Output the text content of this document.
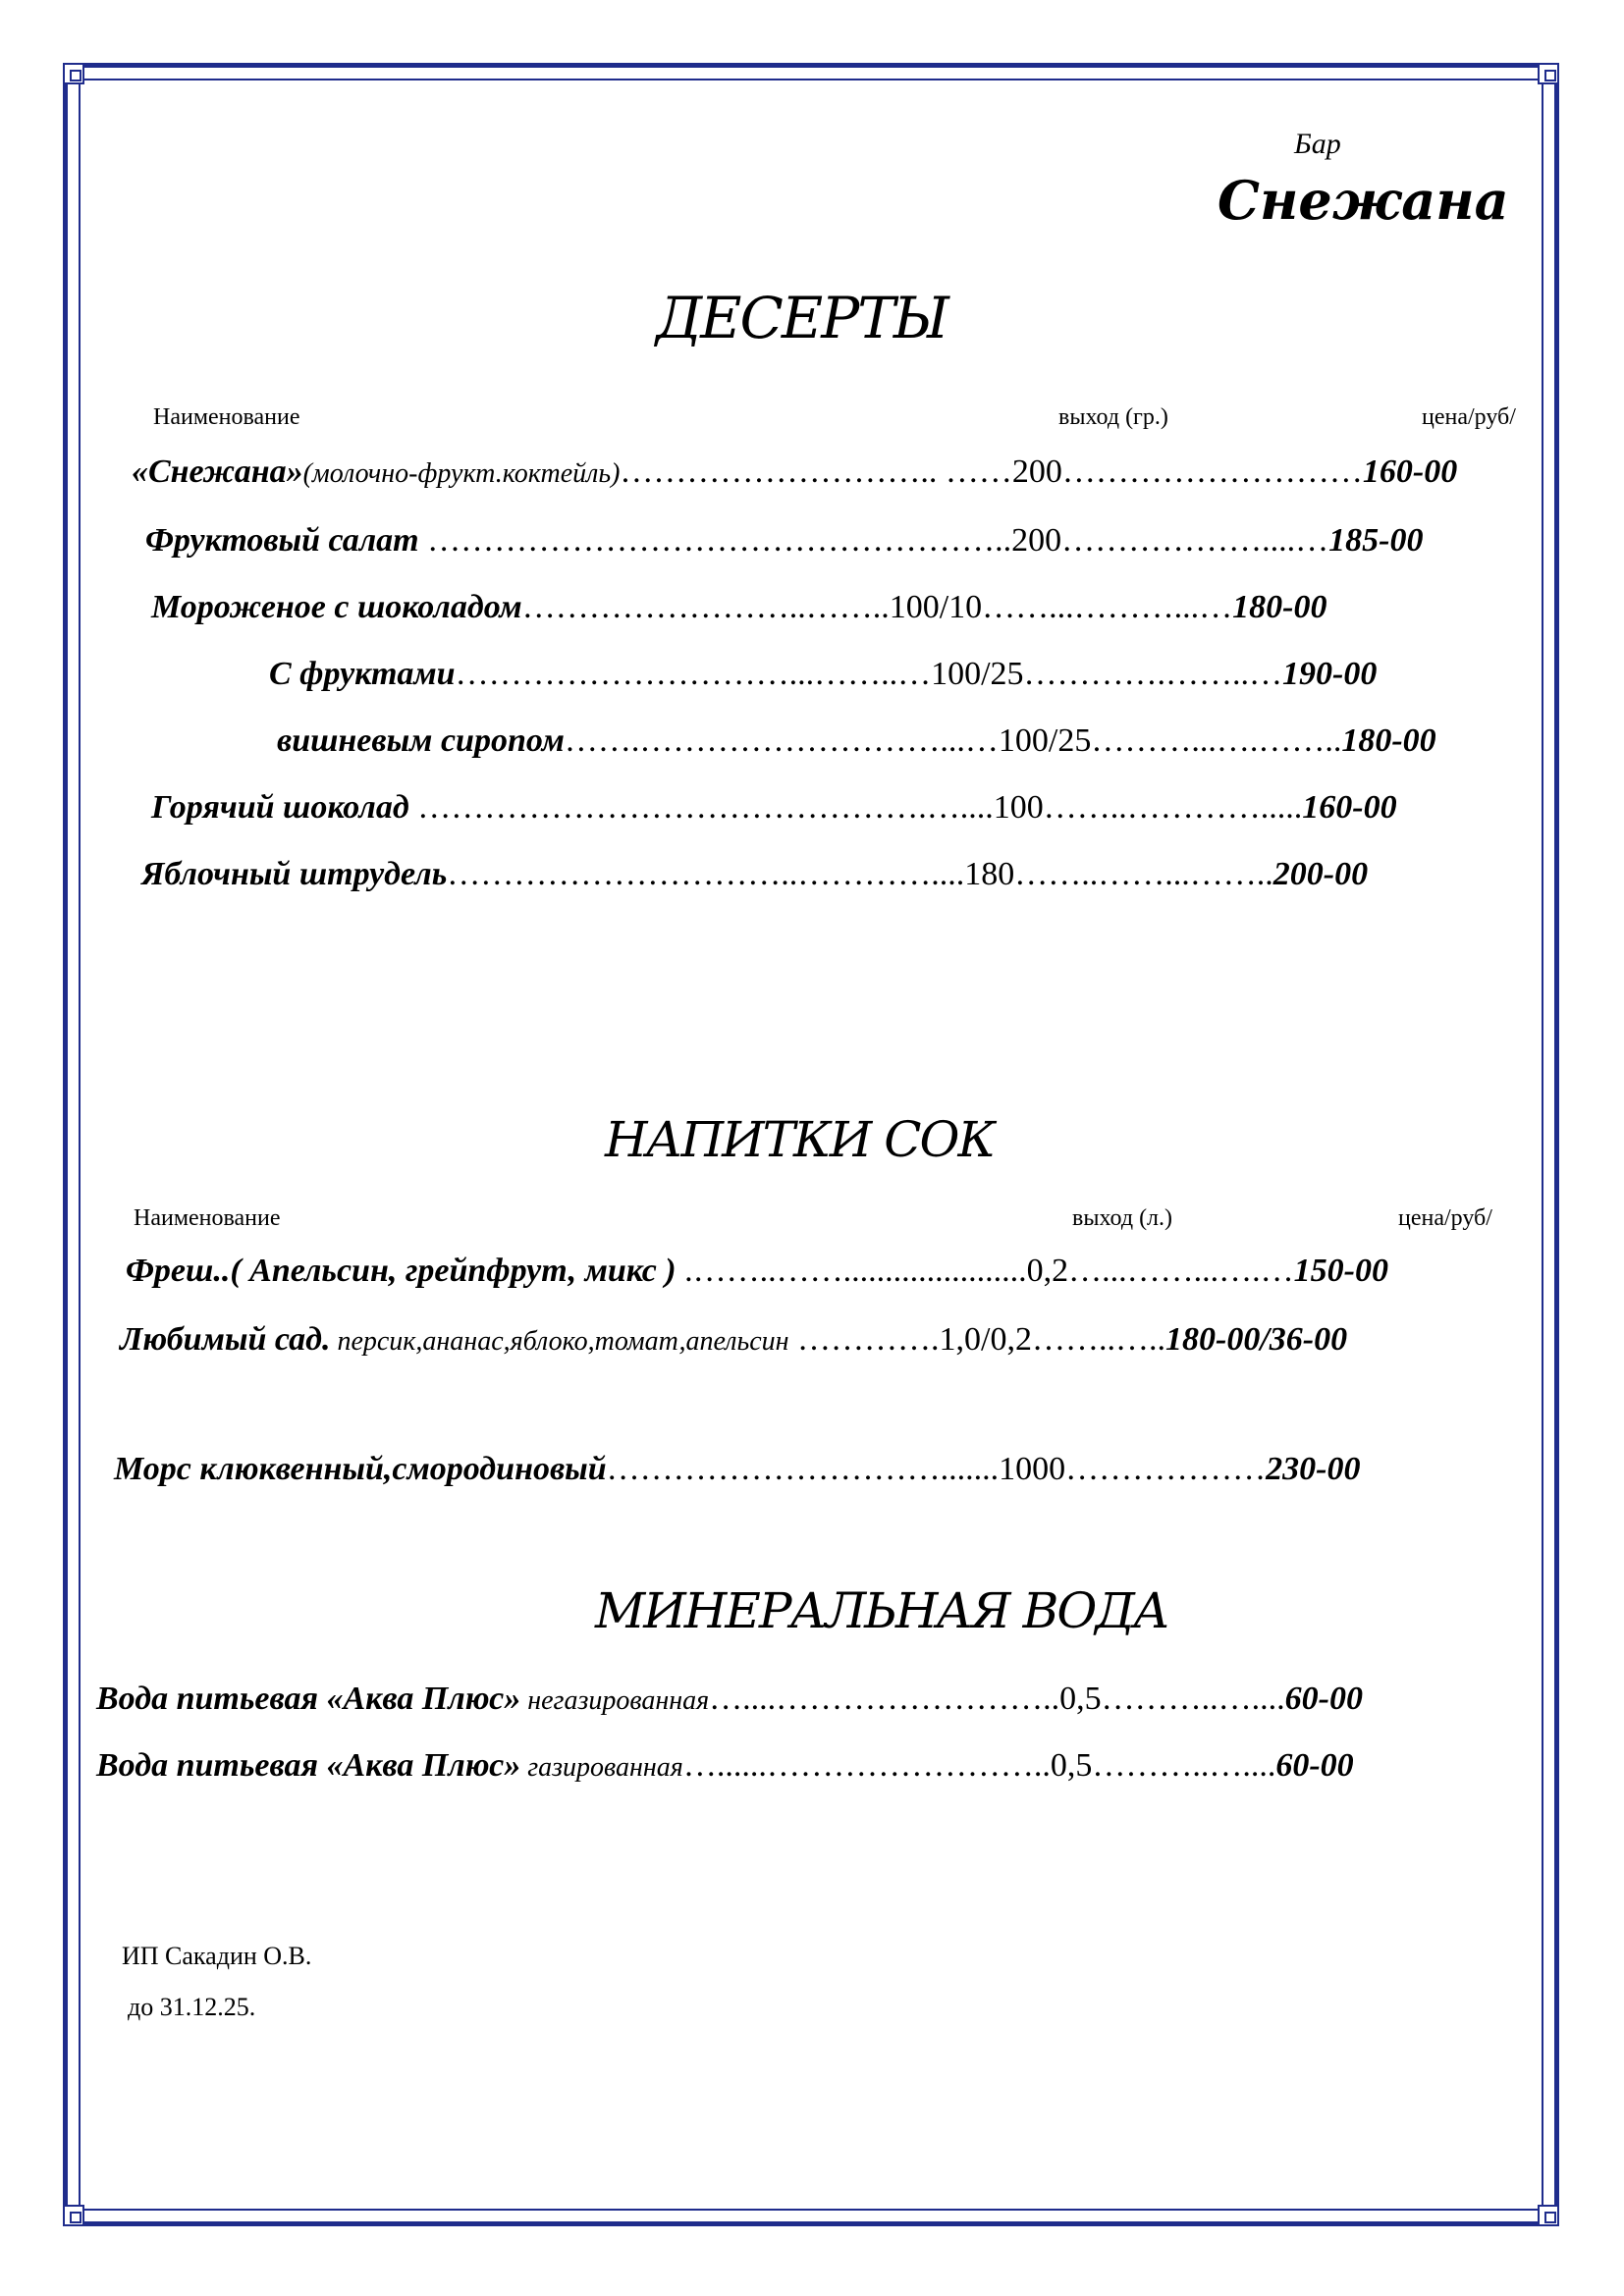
Бар
Снежана
ДЕСЕРТЫ
Наименование	выход (гр.)	цена/руб/
«Снежана»(молочно-фрукт.коктейль)……………………….. ……200………………………160-00
Фруктовый салат ……………………………………………..200………………....…185-00
Мороженое с шоколадом……………………..……..100/10……...………...…180-00
С фруктами…………………………...……..…100/25………….……..…190-00
вишневым сиропом…….………………………...…100/25………...….……..180-00
Горячий шоколад ……………………………………….…....100……..………….....160-00
Яблочный штрудель…………………………..…………....180……..……...……..200-00
НАПИТКИ СОК
Наименование	выход (л.)	цена/руб/
Фреш..( Апельсин, грейпфрут, микс ) .……..……......................0,2…...……...….…150-00
Любимый сад. персик,ананас,яблоко,томат,апельсин ………….1,0/0,2……..…..180-00/36-00
Морс клюквенный,смородиновый………………………….......1000………………230-00
МИНЕРАЛЬНАЯ ВОДА
Вода питьевая «Аква Плюс» негазированная…....……………………..0,5………..…....60-00
Вода питьевая «Аква Плюс» газированная…......……………………..0,5………..…....60-00
ИП Сакадин О.В.
до 31.12.25.
